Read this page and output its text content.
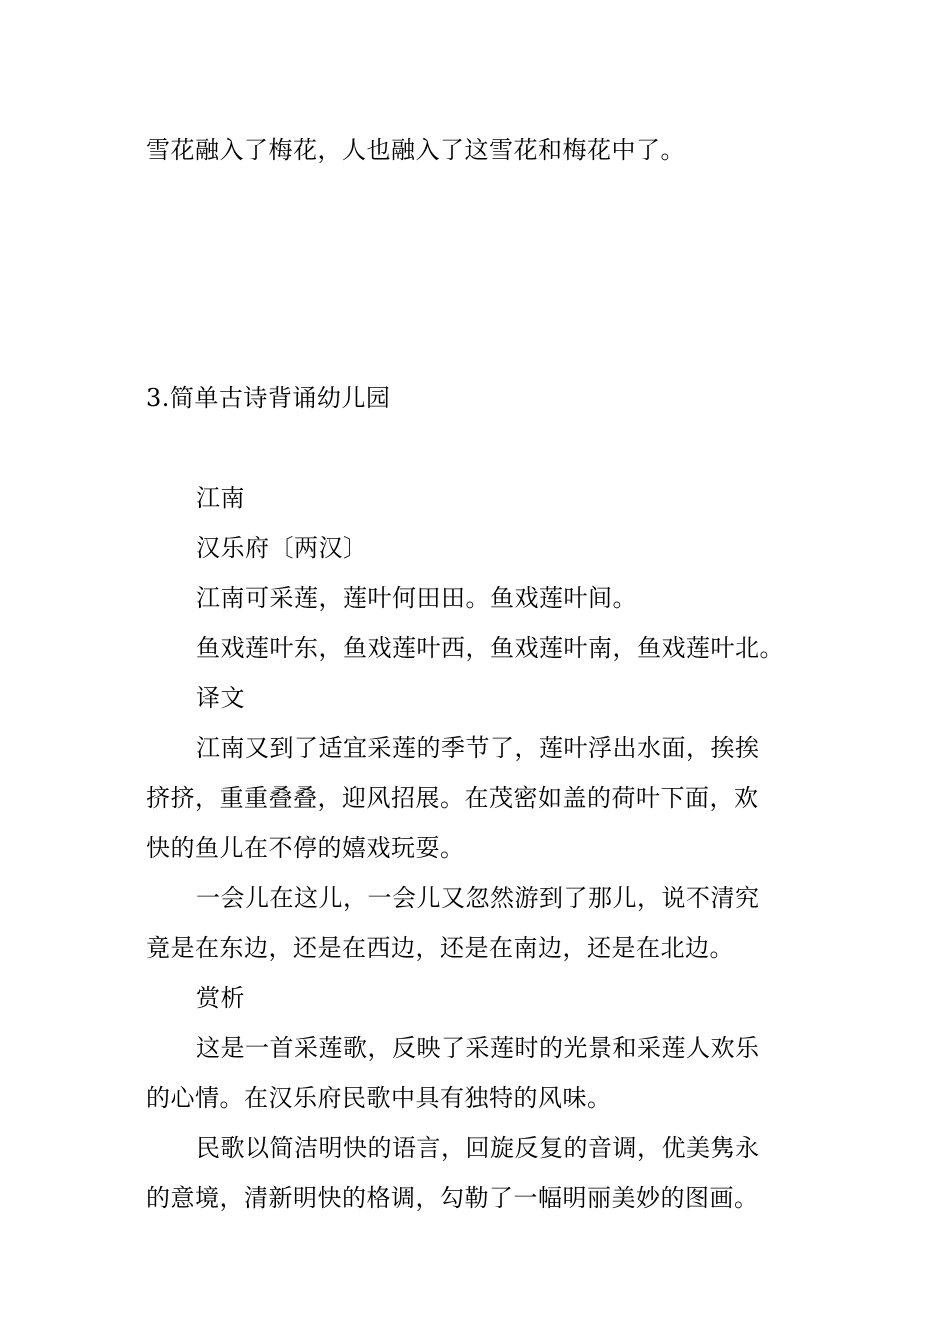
雪花融入了梅花，人也融入了这雪花和梅花中了。
3.简单古诗背诵幼儿园
江南
汉乐府〔两汉〕
江南可采莲，莲叶何田田。鱼戏莲叶间。
鱼戏莲叶东，鱼戏莲叶西，鱼戏莲叶南，鱼戏莲叶北。
译文
江南又到了适宜采莲的季节了，莲叶浮出水面，挨挨
挤挤，重重叠叠，迎风招展。在茂密如盖的荷叶下面，欢
快的鱼儿在不停的嬉戏玩耍。
一会儿在这儿，一会儿又忽然游到了那儿，说不清究
竟是在东边，还是在西边，还是在南边，还是在北边。
赏析
这是一首采莲歌，反映了采莲时的光景和采莲人欢乐
的心情。在汉乐府民歌中具有独特的风味。
民歌以简洁明快的语言，回旋反复的音调，优美隽永
的意境，清新明快的格调，勾勒了一幅明丽美妙的图画。
